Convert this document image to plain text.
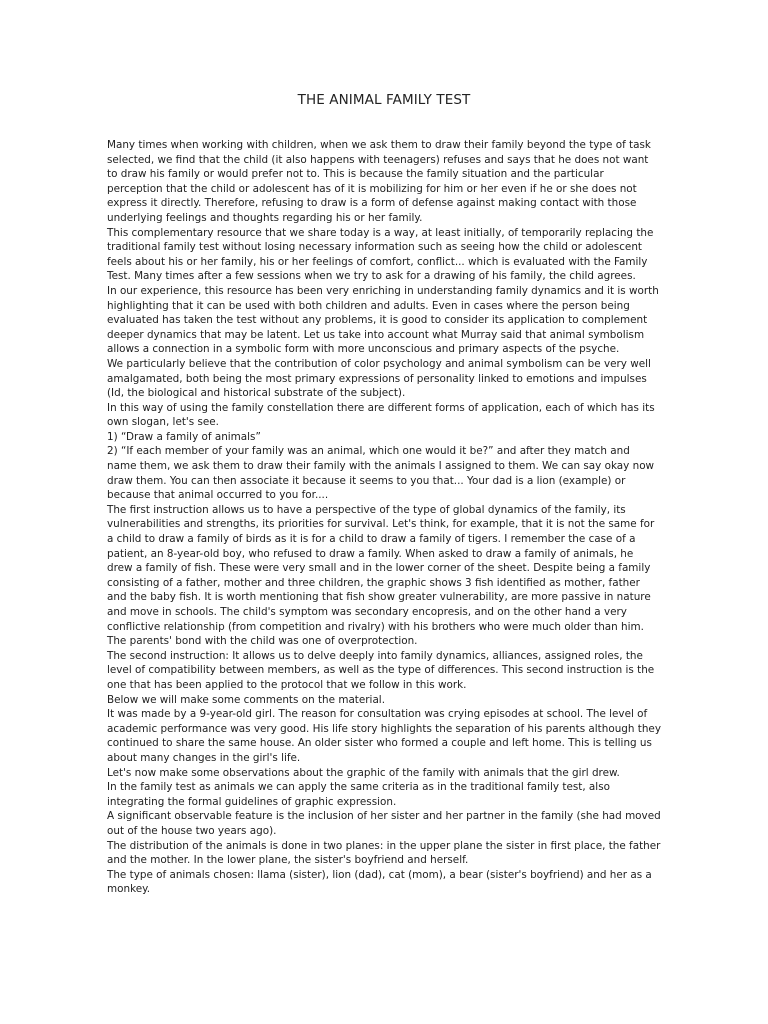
THE ANIMAL FAMILY TEST

Many times when working with children, when we ask them to draw their family beyond the type of task selected, we find that the child (it also happens with teenagers) refuses and says that he does not want to draw his family or would prefer not to. This is because the family situation and the particular perception that the child or adolescent has of it is mobilizing for him or her even if he or she does not express it directly. Therefore, refusing to draw is a form of defense against making contact with those underlying feelings and thoughts regarding his or her family.

This complementary resource that we share today is a way, at least initially, of temporarily replacing the traditional family test without losing necessary information such as seeing how the child or adolescent feels about his or her family, his or her feelings of comfort, conflict... which is evaluated with the Family Test. Many times after a few sessions when we try to ask for a drawing of his family, the child agrees.

In our experience, this resource has been very enriching in understanding family dynamics and it is worth highlighting that it can be used with both children and adults. Even in cases where the person being evaluated has taken the test without any problems, it is good to consider its application to complement deeper dynamics that may be latent. Let us take into account what Murray said that animal symbolism allows a connection in a symbolic form with more unconscious and primary aspects of the psyche.

We particularly believe that the contribution of color psychology and animal symbolism can be very well amalgamated, both being the most primary expressions of personality linked to emotions and impulses (Id, the biological and historical substrate of the subject).

In this way of using the family constellation there are different forms of application, each of which has its own slogan, let's see.

1) “Draw a family of animals”

2) “If each member of your family was an animal, which one would it be?” and after they match and name them, we ask them to draw their family with the animals I assigned to them. We can say okay now draw them. You can then associate it because it seems to you that... Your dad is a lion (example) or because that animal occurred to you for....

The first instruction allows us to have a perspective of the type of global dynamics of the family, its vulnerabilities and strengths, its priorities for survival. Let's think, for example, that it is not the same for a child to draw a family of birds as it is for a child to draw a family of tigers. I remember the case of a patient, an 8-year-old boy, who refused to draw a family. When asked to draw a family of animals, he drew a family of fish. These were very small and in the lower corner of the sheet. Despite being a family consisting of a father, mother and three children, the graphic shows 3 fish identified as mother, father and the baby fish. It is worth mentioning that fish show greater vulnerability, are more passive in nature and move in schools. The child's symptom was secondary encopresis, and on the other hand a very conflictive relationship (from competition and rivalry) with his brothers who were much older than him. The parents' bond with the child was one of overprotection.

The second instruction: It allows us to delve deeply into family dynamics, alliances, assigned roles, the level of compatibility between members, as well as the type of differences. This second instruction is the one that has been applied to the protocol that we follow in this work.

Below we will make some comments on the material.

It was made by a 9-year-old girl. The reason for consultation was crying episodes at school. The level of academic performance was very good. His life story highlights the separation of his parents although they continued to share the same house. An older sister who formed a couple and left home. This is telling us about many changes in the girl's life.

Let's now make some observations about the graphic of the family with animals that the girl drew.

In the family test as animals we can apply the same criteria as in the traditional family test, also integrating the formal guidelines of graphic expression.

A significant observable feature is the inclusion of her sister and her partner in the family (she had moved out of the house two years ago).

The distribution of the animals is done in two planes: in the upper plane the sister in first place, the father and the mother. In the lower plane, the sister's boyfriend and herself.

The type of animals chosen: llama (sister), lion (dad), cat (mom), a bear (sister's boyfriend) and her as a monkey.
